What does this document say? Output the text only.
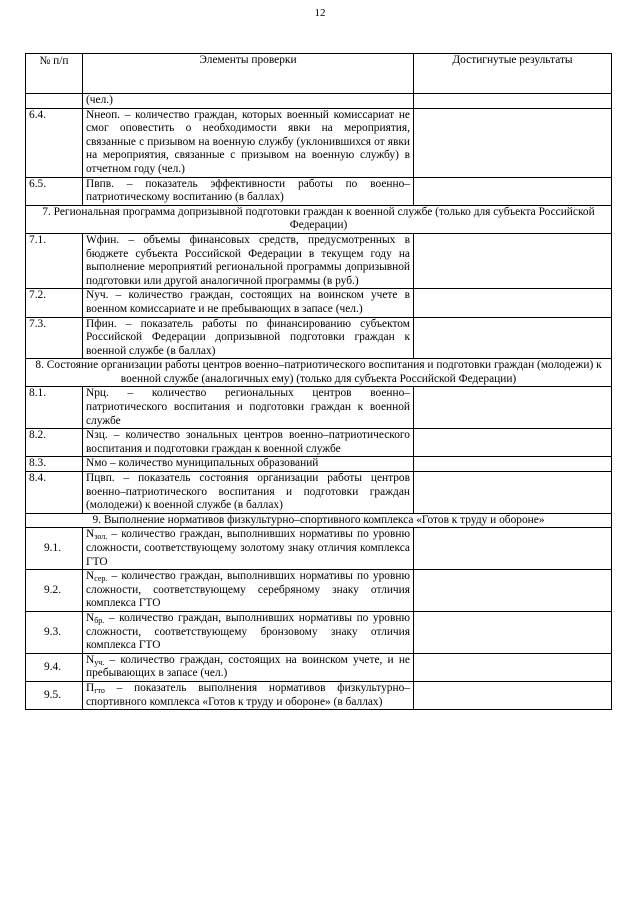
12
№ п/п	Элементы проверки	Достигнутые результаты
	(чел.)	
6.4.	Nнеоп. – количество граждан, которых военный комиссариат не смог оповестить о необходимости явки на мероприятия, связанные с призывом на военную службу (уклонившихся от явки на мероприятия, связанные с призывом на военную службу) в отчетном году (чел.)	
6.5.	Пвпв. – показатель эффективности работы по военно–патриотическому воспитанию (в баллах)	
7. Региональная программа допризывной подготовки граждан к военной службе (только для субъекта Российской Федерации)		
7.1.	Wфин. – объемы финансовых средств, предусмотренных в бюджете субъекта Российской Федерации в текущем году на выполнение мероприятий региональной программы допризывной подготовки или другой аналогичной программы (в руб.)	
7.2.	Nуч. – количество граждан, состоящих на воинском учете в военном комиссариате и не пребывающих в запасе (чел.)	
7.3.	Пфин. – показатель работы по финансированию субъектом Российской Федерации допризывной подготовки граждан к военной службе (в баллах)	
8. Состояние организации работы центров военно–патриотического воспитания и подготовки граждан (молодежи) к военной службе (аналогичных ему) (только для субъекта Российской Федерации)		
8.1.	Nрц. – количество региональных центров военно–патриотического воспитания и подготовки граждан к военной службе	
8.2.	Nзц. – количество зональных центров военно–патриотического воспитания и подготовки граждан к военной службе	
8.3.	Nмо – количество муниципальных образований	
8.4.	Пцвп. – показатель состояния организации работы центров военно–патриотического воспитания и подготовки граждан (молодежи) к военной службе (в баллах)	
9. Выполнение нормативов физкультурно–спортивного комплекса «Готов к труду и обороне»		
9.1.	$N_{зол.}$ – количество граждан, выполнивших нормативы по уровню сложности, соответствующему золотому знаку отличия комплекса ГТО	
9.2.	$N_{сер.}$ – количество граждан, выполнивших нормативы по уровню сложности, соответствующему серебряному знаку отличия комплекса ГТО	
9.3.	$N_{бр.}$ – количество граждан, выполнивших нормативы по уровню сложности, соответствующему бронзовому знаку отличия комплекса ГТО	
9.4.	$N_{уч.}$ – количество граждан, состоящих на воинском учете, и не пребывающих в запасе (чел.)	
9.5.	$П_{гто}$ – показатель выполнения нормативов физкультурно–спортивного комплекса «Готов к труду и обороне» (в баллах)	
